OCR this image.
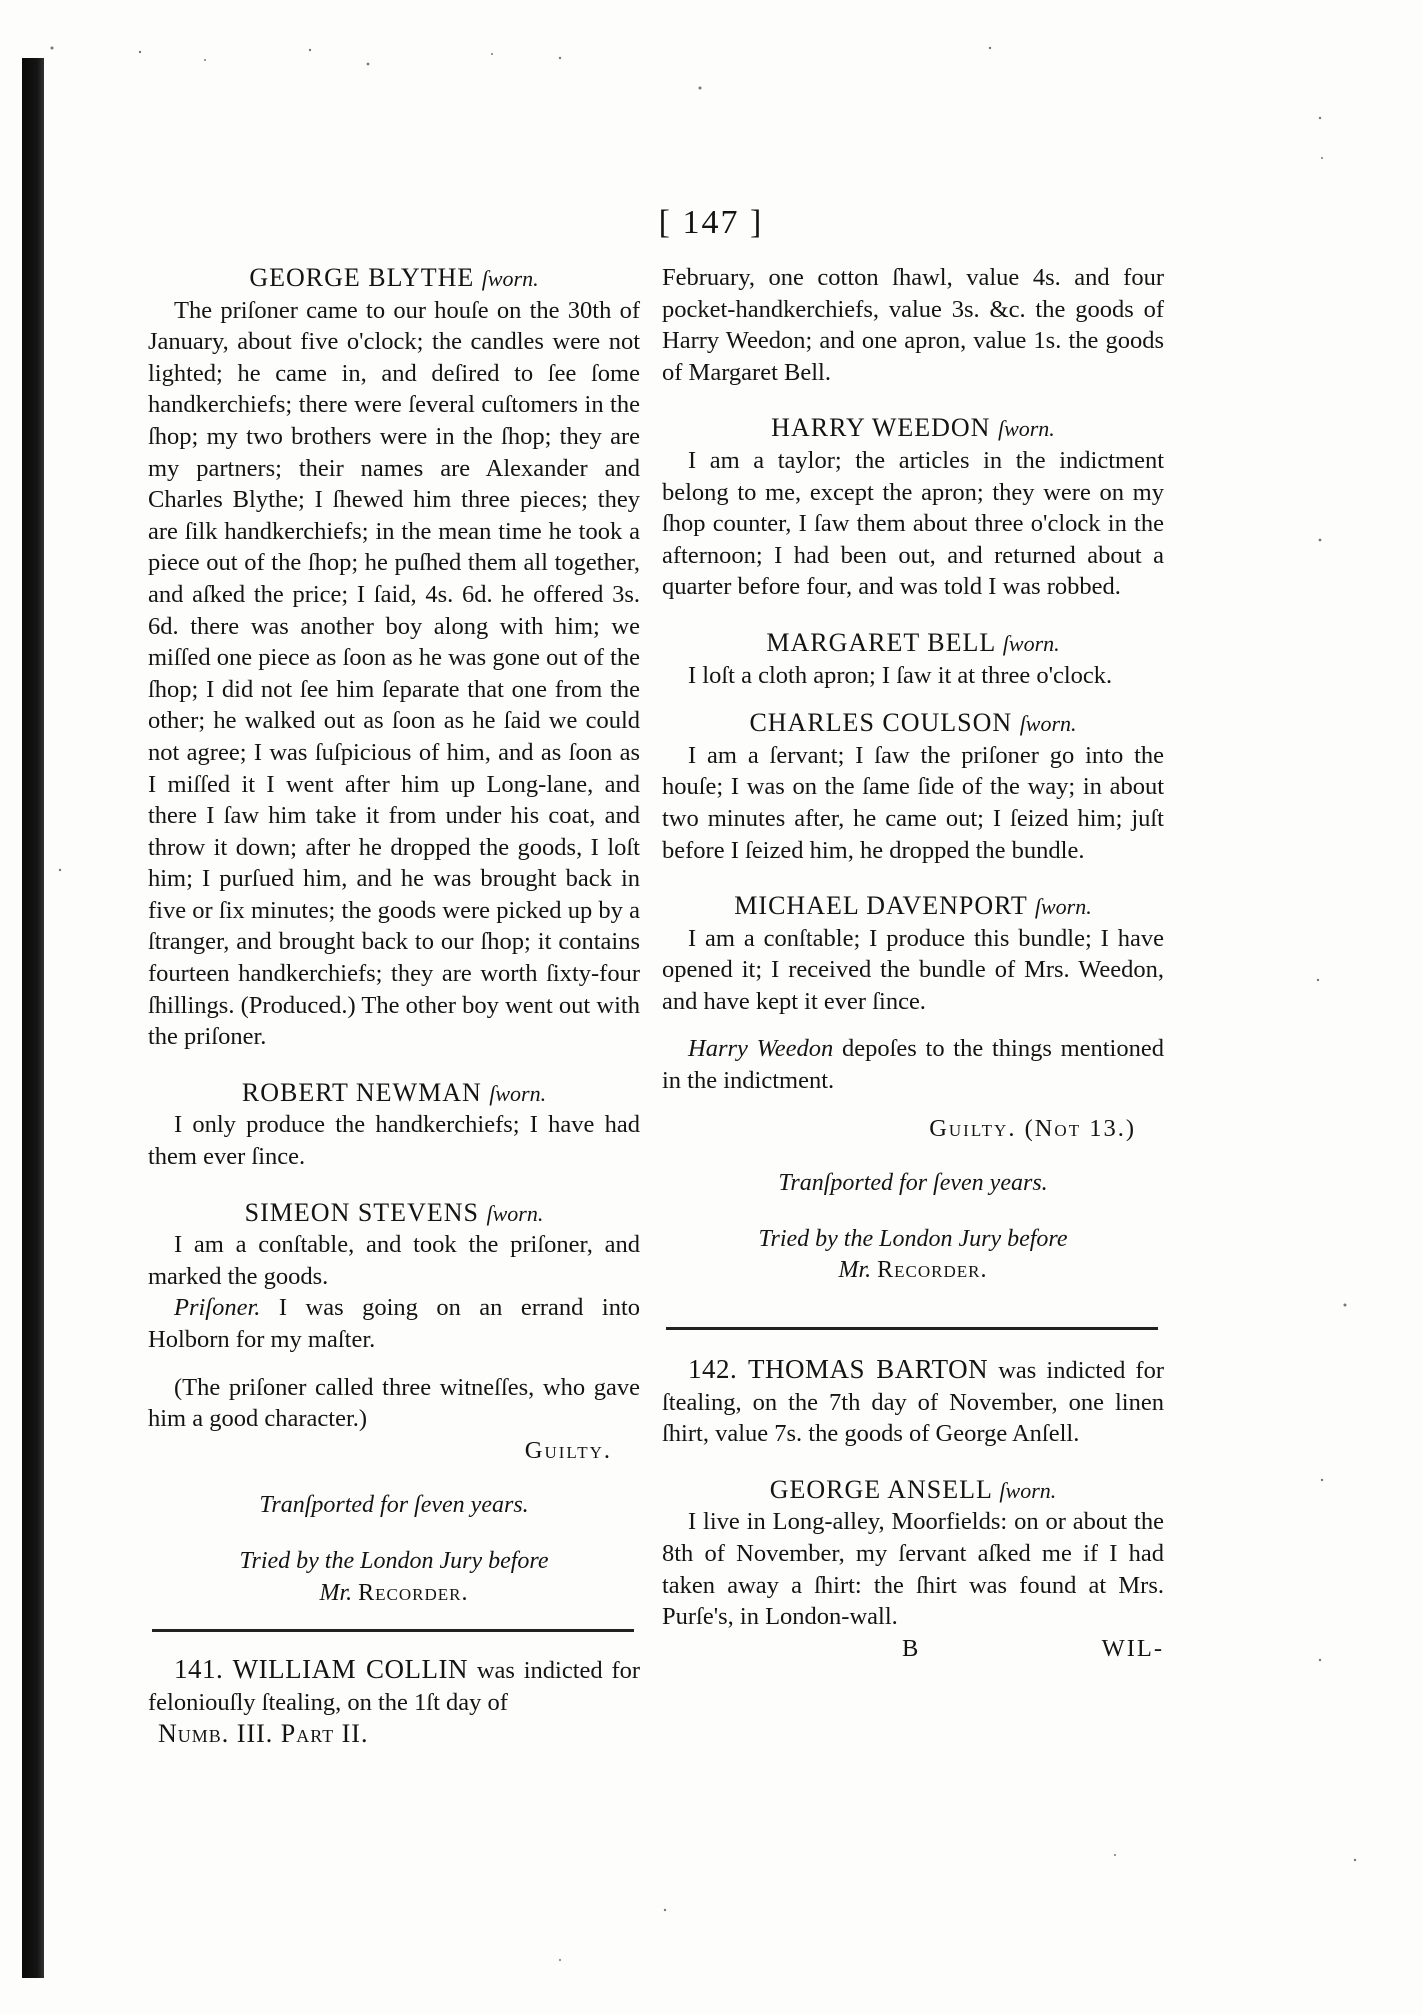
[ 147 ]
GEORGE BLYTHE ſworn.

The priſoner came to our houſe on the 30th of January, about five o'clock; the candles were not lighted; he came in, and deſired to ſee ſome handkerchiefs; there were ſeveral cuſtomers in the ſhop; my two brothers were in the ſhop; they are my partners; their names are Alexander and Charles Blythe; I ſhewed him three pieces; they are ſilk handkerchiefs; in the mean time he took a piece out of the ſhop; he puſhed them all together, and aſked the price; I ſaid, 4s. 6d. he offered 3s. 6d. there was another boy along with him; we miſſed one piece as ſoon as he was gone out of the ſhop; I did not ſee him ſeparate that one from the other; he walked out as ſoon as he ſaid we could not agree; I was ſuſpicious of him, and as ſoon as I miſſed it I went after him up Long-lane, and there I ſaw him take it from under his coat, and throw it down; after he dropped the goods, I loſt him; I purſued him, and he was brought back in five or ſix minutes; the goods were picked up by a ſtranger, and brought back to our ſhop; it contains fourteen handkerchiefs; they are worth ſixty-four ſhillings. (Produced.) The other boy went out with the priſoner.

ROBERT NEWMAN ſworn.

I only produce the handkerchiefs; I have had them ever ſince.

SIMEON STEVENS ſworn.

I am a conſtable, and took the priſoner, and marked the goods.

Priſoner. I was going on an errand into Holborn for my maſter.

(The priſoner called three witneſſes, who gave him a good character.)

Guilty.
Tranſported for ſeven years.
Tried by the London Jury before
Mr. Recorder.

141. WILLIAM COLLIN was indicted for feloniouſly ſtealing, on the 1ſt day of

Numb. III. Part II.

February, one cotton ſhawl, value 4s. and four pocket-handkerchiefs, value 3s. &c. the goods of Harry Weedon; and one apron, value 1s. the goods of Margaret Bell.

HARRY WEEDON ſworn.

I am a taylor; the articles in the indictment belong to me, except the apron; they were on my ſhop counter, I ſaw them about three o'clock in the afternoon; I had been out, and returned about a quarter before four, and was told I was robbed.

MARGARET BELL ſworn.

I loſt a cloth apron; I ſaw it at three o'clock.

CHARLES COULSON ſworn.

I am a ſervant; I ſaw the priſoner go into the houſe; I was on the ſame ſide of the way; in about two minutes after, he came out; I ſeized him; juſt before I ſeized him, he dropped the bundle.

MICHAEL DAVENPORT ſworn.

I am a conſtable; I produce this bundle; I have opened it; I received the bundle of Mrs. Weedon, and have kept it ever ſince.

Harry Weedon depoſes to the things mentioned in the indictment.

Guilty. (Not 13.)
Tranſported for ſeven years.
Tried by the London Jury before
Mr. Recorder.

142. THOMAS BARTON was indicted for ſtealing, on the 7th day of November, one linen ſhirt, value 7s. the goods of George Anſell.

GEORGE ANSELL ſworn.

I live in Long-alley, Moorfields: on or about the 8th of November, my ſervant aſked me if I had taken away a ſhirt: the ſhirt was found at Mrs. Purſe's, in London-wall.

B	WIL-
